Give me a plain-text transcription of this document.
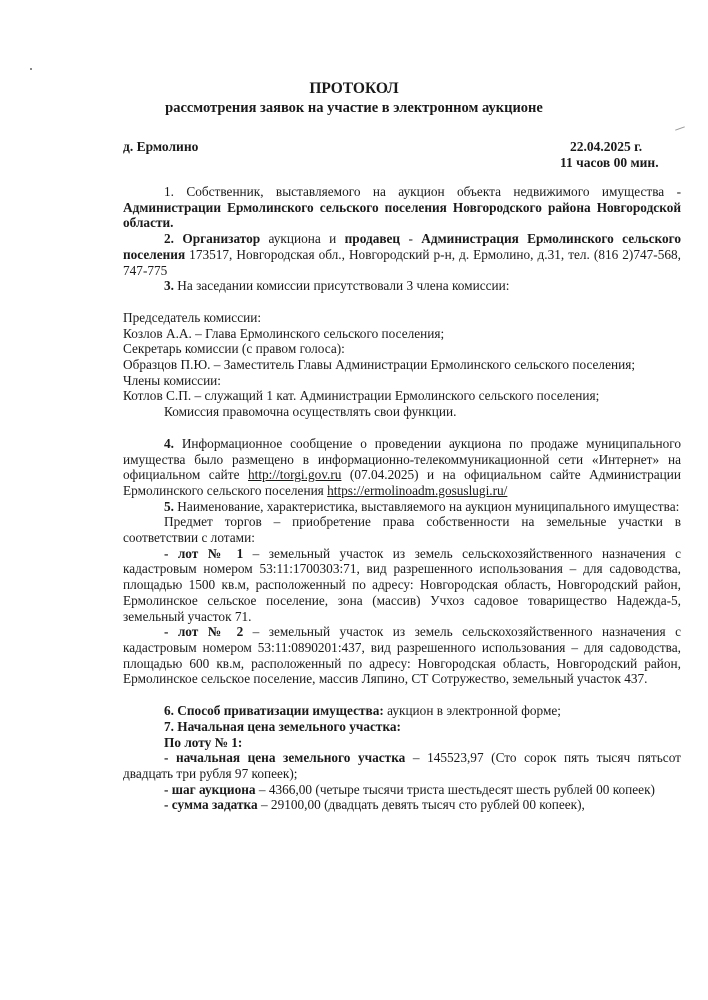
ПРОТОКОЛ
рассмотрения заявок на участие в электронном аукционе
д. Ермолино	22.04.2025 г.
11 часов 00 мин.

1. Собственник, выставляемого на аукцион объекта недвижимого имущества - Администрации Ермолинского сельского поселения Новгородского района Новгородской области.

2. Организатор аукциона и продавец - Администрация Ермолинского сельского поселения 173517, Новгородская обл., Новгородский р-н, д. Ермолино, д.31, тел. (816 2)747-568, 747-775

3. На заседании комиссии присутствовали 3 члена комиссии:

Председатель комиссии:

Козлов А.А. – Глава Ермолинского сельского поселения;

Секретарь комиссии (с правом голоса):

Образцов П.Ю. – Заместитель Главы Администрации Ермолинского сельского поселения;

Члены комиссии:

Котлов С.П. – служащий 1 кат. Администрации Ермолинского сельского поселения;

Комиссия правомочна осуществлять свои функции.

4. Информационное сообщение о проведении аукциона по продаже муниципального имущества было размещено в информационно-телекоммуникационной сети «Интернет» на официальном сайте http://torgi.gov.ru (07.04.2025) и на официальном сайте Администрации Ермолинского сельского поселения https://ermolinoadm.gosuslugi.ru/

5. Наименование, характеристика, выставляемого на аукцион муниципального имущества:

Предмет торгов – приобретение права собственности на земельные участки в соответствии с лотами:

- лот № 1 – земельный участок из земель сельскохозяйственного назначения с кадастровым номером 53:11:1700303:71, вид разрешенного использования – для садоводства, площадью 1500 кв.м, расположенный по адресу: Новгородская область, Новгородский район, Ермолинское сельское поселение, зона (массив) Учхоз садовое товарищество Надежда-5, земельный участок 71.

- лот № 2 – земельный участок из земель сельскохозяйственного назначения с кадастровым номером 53:11:0890201:437, вид разрешенного использования – для садоводства, площадью 600 кв.м, расположенный по адресу: Новгородская область, Новгородский район, Ермолинское сельское поселение, массив Ляпино, СТ Сотружество, земельный участок 437.

6. Способ приватизации имущества: аукцион в электронной форме;

7. Начальная цена земельного участка:

По лоту № 1:

- начальная цена земельного участка – 145523,97 (Сто сорок пять тысяч пятьсот двадцать три рубля 97 копеек);

- шаг аукциона – 4366,00 (четыре тысячи триста шестьдесят шесть рублей 00 копеек)

- сумма задатка – 29100,00 (двадцать девять тысяч сто рублей 00 копеек),
